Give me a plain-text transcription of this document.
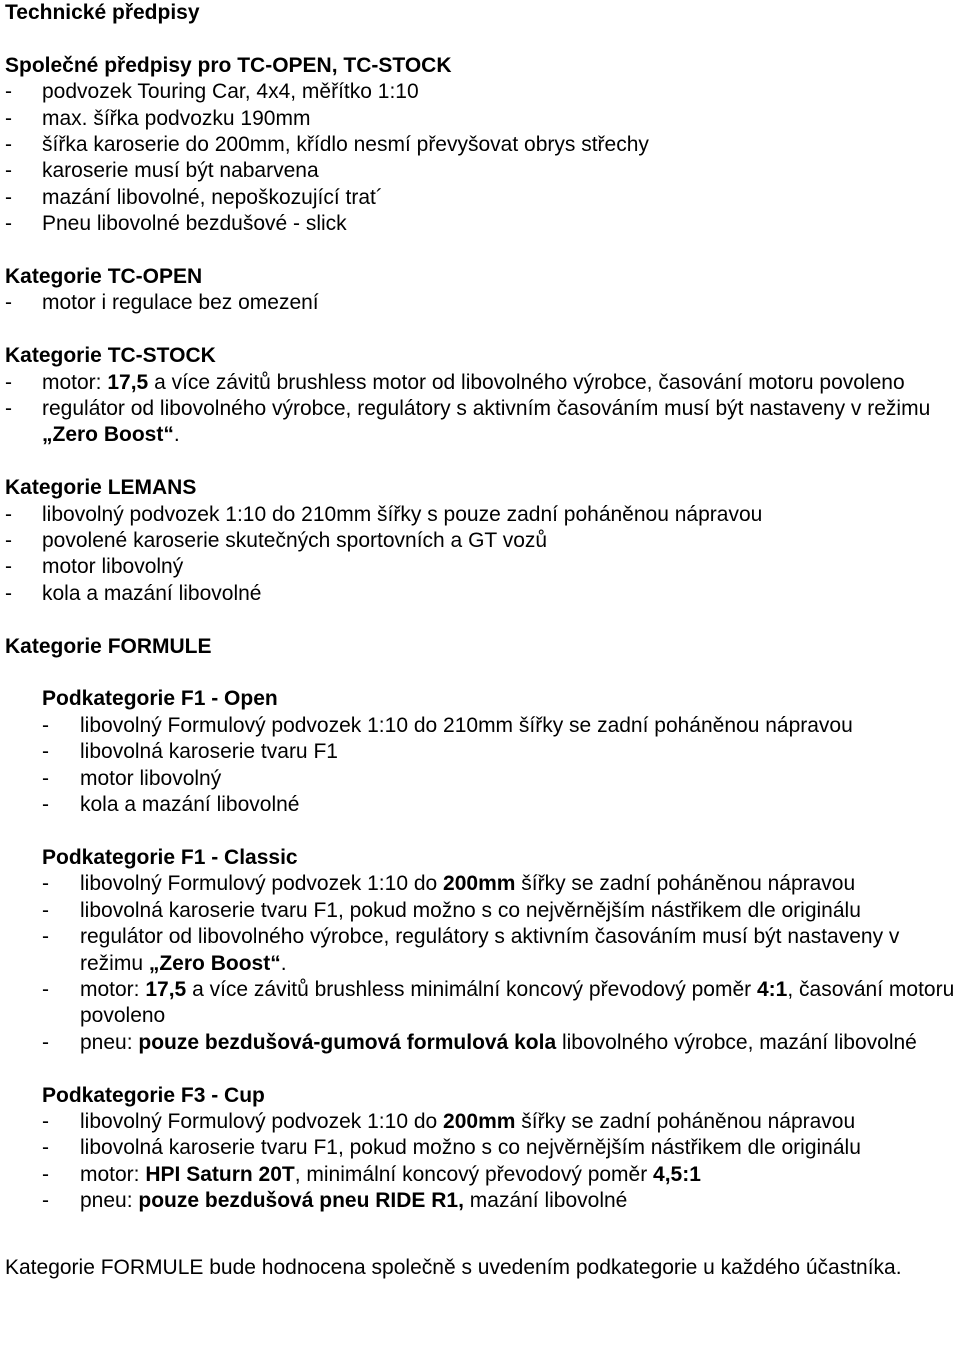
Technické předpisy
Společné předpisy pro TC-OPEN, TC-STOCK
- podvozek Touring Car, 4x4, měřítko 1:10
- max. šířka podvozku 190mm
- šířka karoserie do 200mm, křídlo nesmí převyšovat obrys střechy
- karoserie musí být nabarvena
- mazání libovolné, nepoškozující trat´
- Pneu libovolné bezdušové - slick
Kategorie TC-OPEN
- motor i regulace bez omezení
Kategorie TC-STOCK
- motor: 17,5 a více závitů brushless motor od libovolného výrobce, časování motoru povoleno
- regulátor od libovolného výrobce, regulátory s aktivním časováním musí být nastaveny v režimu „Zero Boost“.
Kategorie LEMANS
- libovolný podvozek 1:10 do 210mm šířky s pouze zadní poháněnou nápravou
- povolené karoserie skutečných sportovních a GT vozů
- motor libovolný
- kola a mazání libovolné
Kategorie FORMULE
Podkategorie F1 - Open
- libovolný Formulový podvozek 1:10 do 210mm šířky se zadní poháněnou nápravou
- libovolná karoserie tvaru F1
- motor libovolný
- kola a mazání libovolné
Podkategorie F1 - Classic
- libovolný Formulový podvozek 1:10 do 200mm šířky se zadní poháněnou nápravou
- libovolná karoserie tvaru F1, pokud možno s co nejvěrnějším nástřikem dle originálu
- regulátor od libovolného výrobce, regulátory s aktivním časováním musí být nastaveny v režimu „Zero Boost“.
- motor: 17,5 a více závitů brushless minimální koncový převodový poměr 4:1, časování motoru povoleno
- pneu: pouze bezdušová-gumová formulová kola libovolného výrobce, mazání libovolné
Podkategorie F3 - Cup
- libovolný Formulový podvozek 1:10 do 200mm šířky se zadní poháněnou nápravou
- libovolná karoserie tvaru F1, pokud možno s co nejvěrnějším nástřikem dle originálu
- motor: HPI Saturn 20T, minimální koncový převodový poměr 4,5:1
- pneu: pouze bezdušová pneu RIDE R1, mazání libovolné
Kategorie FORMULE bude hodnocena společně s uvedením podkategorie u každého účastníka.
